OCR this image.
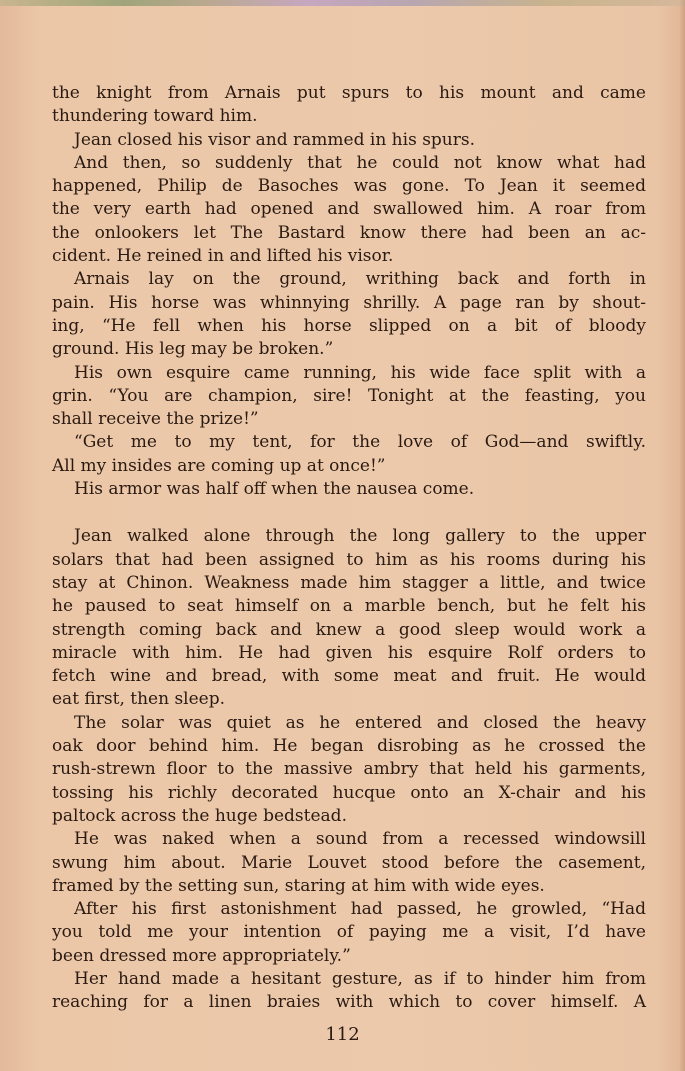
the knight from Arnais put spurs to his mount and came
thundering toward him.
Jean closed his visor and rammed in his spurs.
And then, so suddenly that he could not know what had
happened, Philip de Basoches was gone. To Jean it seemed
the very earth had opened and swallowed him. A roar from
the onlookers let The Bastard know there had been an ac-
cident. He reined in and lifted his visor.
Arnais lay on the ground, writhing back and forth in
pain. His horse was whinnying shrilly. A page ran by shout-
ing, “He fell when his horse slipped on a bit of bloody
ground. His leg may be broken.”
His own esquire came running, his wide face split with a
grin. “You are champion, sire! Tonight at the feasting, you
shall receive the prize!”
“Get me to my tent, for the love of God—and swiftly.
All my insides are coming up at once!”
His armor was half off when the nausea come.
Jean walked alone through the long gallery to the upper
solars that had been assigned to him as his rooms during his
stay at Chinon. Weakness made him stagger a little, and twice
he paused to seat himself on a marble bench, but he felt his
strength coming back and knew a good sleep would work a
miracle with him. He had given his esquire Rolf orders to
fetch wine and bread, with some meat and fruit. He would
eat first, then sleep.
The solar was quiet as he entered and closed the heavy
oak door behind him. He began disrobing as he crossed the
rush-strewn floor to the massive ambry that held his garments,
tossing his richly decorated hucque onto an X-chair and his
paltock across the huge bedstead.
He was naked when a sound from a recessed windowsill
swung him about. Marie Louvet stood before the casement,
framed by the setting sun, staring at him with wide eyes.
After his first astonishment had passed, he growled, “Had
you told me your intention of paying me a visit, I’d have
been dressed more appropriately.”
Her hand made a hesitant gesture, as if to hinder him from
reaching for a linen braies with which to cover himself. A
112
